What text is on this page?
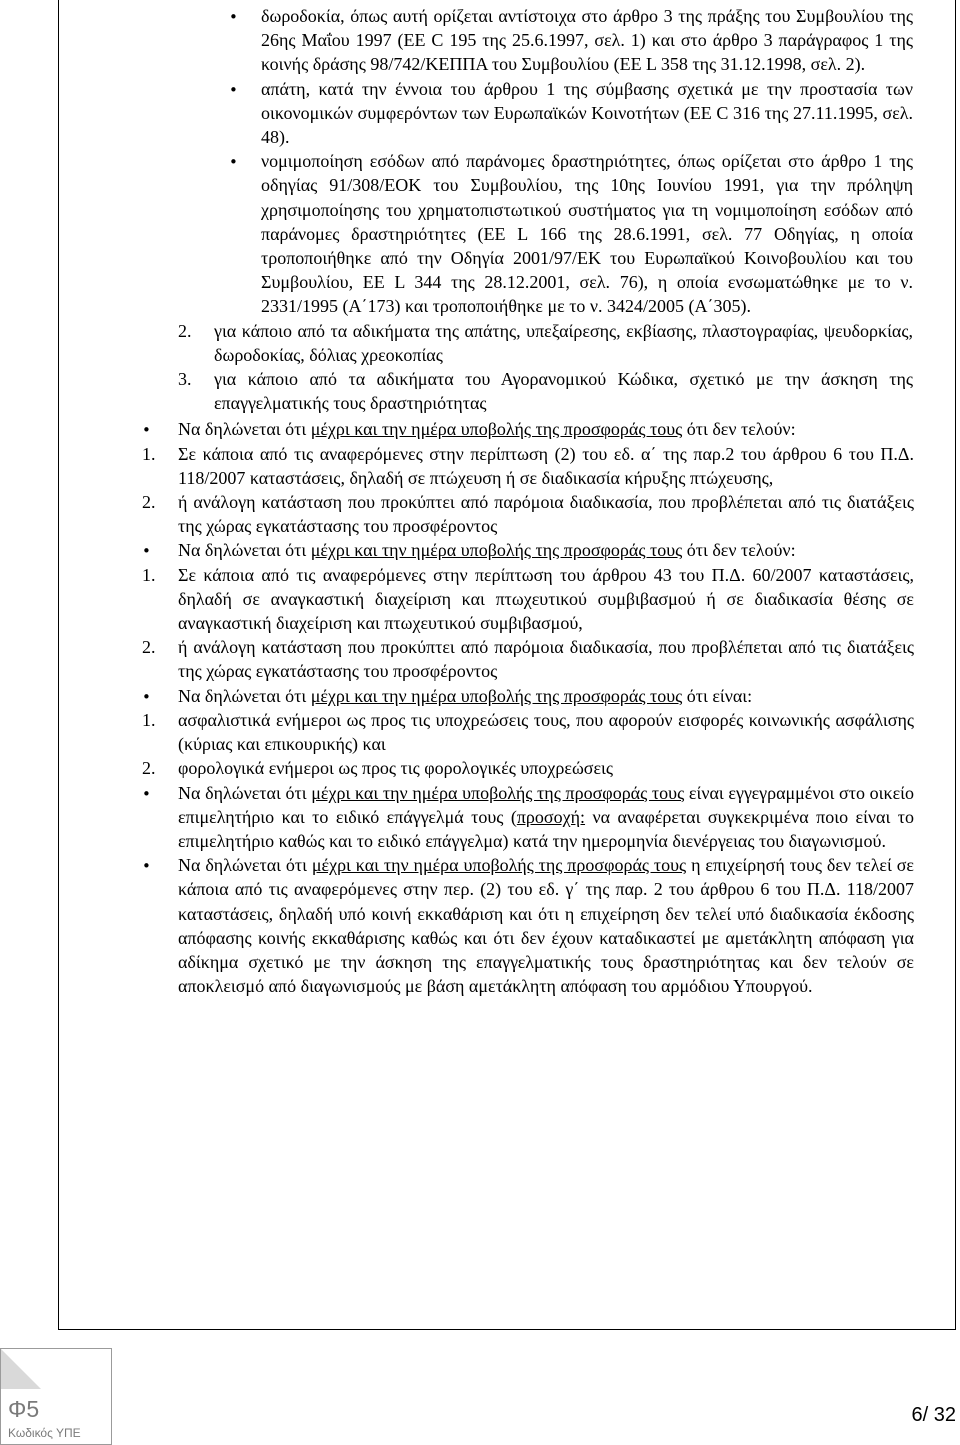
•
δωροδοκία, όπως αυτή ορίζεται αντίστοιχα στο άρθρο 3 της πράξης του Συμβουλίου της 26ης Μαΐου 1997 (ΕΕ C 195 της 25.6.1997, σελ. 1) και στο άρθρο 3 παράγραφος 1 της κοινής δράσης 98/742/ΚΕΠΠΑ του Συμβουλίου (ΕΕ L 358 της 31.12.1998, σελ. 2).
•
απάτη, κατά την έννοια του άρθρου 1 της σύμβασης σχετικά με την προστασία των οικονομικών συμφερόντων των Ευρωπαϊκών Κοινοτήτων (ΕΕ C 316 της 27.11.1995, σελ. 48).
•
νομιμοποίηση εσόδων από παράνομες δραστηριότητες, όπως ορίζεται στο άρθρο 1 της οδηγίας 91/308/ΕΟΚ του Συμβουλίου, της 10ης Ιουνίου 1991, για την πρόληψη χρησιμοποίησης του χρηματοπιστωτικού συστήματος για τη νομιμοποίηση εσόδων από παράνομες δραστηριότητες (ΕΕ L 166 της 28.6.1991, σελ. 77 Οδηγίας, η οποία τροποποιήθηκε από την Οδηγία 2001/97/ΕΚ του Ευρωπαϊκού Κοινοβουλίου και του Συμβουλίου, ΕΕ L 344 της 28.12.2001, σελ. 76), η οποία ενσωματώθηκε με το ν. 2331/1995 (Α΄173) και τροποποιήθηκε με το ν. 3424/2005 (Α΄305).
2. για κάποιο από τα αδικήματα της απάτης, υπεξαίρεσης, εκβίασης, πλαστογραφίας, ψευδορκίας, δωροδοκίας, δόλιας χρεοκοπίας
3. για κάποιο από τα αδικήματα του Αγορανομικού Κώδικα, σχετικό με την άσκηση της επαγγελματικής τους δραστηριότητας
•
Να δηλώνεται ότι μέχρι και την ημέρα υποβολής της προσφοράς τους ότι δεν τελούν:
1. Σε κάποια από τις αναφερόμενες στην περίπτωση (2) του εδ. α΄ της παρ.2 του άρθρου 6 του Π.Δ. 118/2007 καταστάσεις, δηλαδή σε πτώχευση ή σε διαδικασία κήρυξης πτώχευσης,
2. ή ανάλογη κατάσταση που προκύπτει από παρόμοια διαδικασία, που προβλέπεται από τις διατάξεις της χώρας εγκατάστασης του προσφέροντος
•
Να δηλώνεται ότι μέχρι και την ημέρα υποβολής της προσφοράς τους ότι δεν τελούν:
1. Σε κάποια από τις αναφερόμενες στην περίπτωση του άρθρου 43 του Π.Δ. 60/2007 καταστάσεις, δηλαδή σε αναγκαστική διαχείριση και πτωχευτικού συμβιβασμού ή σε διαδικασία θέσης σε αναγκαστική διαχείριση και πτωχευτικού συμβιβασμού,
2. ή ανάλογη κατάσταση που προκύπτει από παρόμοια διαδικασία, που προβλέπεται από τις διατάξεις της χώρας εγκατάστασης του προσφέροντος
•
Να δηλώνεται ότι μέχρι και την ημέρα υποβολής της προσφοράς τους ότι είναι:
1. ασφαλιστικά ενήμεροι ως προς τις υποχρεώσεις τους, που αφορούν εισφορές κοινωνικής ασφάλισης (κύριας και επικουρικής) και
2. φορολογικά ενήμεροι ως προς τις φορολογικές υποχρεώσεις
•
Να δηλώνεται ότι μέχρι και την ημέρα υποβολής της προσφοράς τους είναι εγγεγραμμένοι στο οικείο επιμελητήριο και το ειδικό επάγγελμά τους (προσοχή: να αναφέρεται συγκεκριμένα ποιο είναι το επιμελητήριο καθώς και το ειδικό επάγγελμα) κατά την ημερομηνία διενέργειας του διαγωνισμού.
•
Να δηλώνεται ότι μέχρι και την ημέρα υποβολής της προσφοράς τους η επιχείρησή τους δεν τελεί σε κάποια από τις αναφερόμενες στην περ. (2) του εδ. γ΄ της παρ. 2 του άρθρου 6 του Π.Δ. 118/2007 καταστάσεις, δηλαδή υπό κοινή εκκαθάριση και ότι η επιχείρηση δεν τελεί υπό διαδικασία έκδοσης απόφασης κοινής εκκαθάρισης καθώς και ότι δεν έχουν καταδικαστεί με αμετάκλητη απόφαση για αδίκημα σχετικό με την άσκηση της επαγγελματικής τους δραστηριότητας και δεν τελούν σε αποκλεισμό από διαγωνισμούς με βάση αμετάκλητη απόφαση του αρμόδιου Υπουργού.
Φ5
Κωδικός ΥΠΕ
6/ 32
